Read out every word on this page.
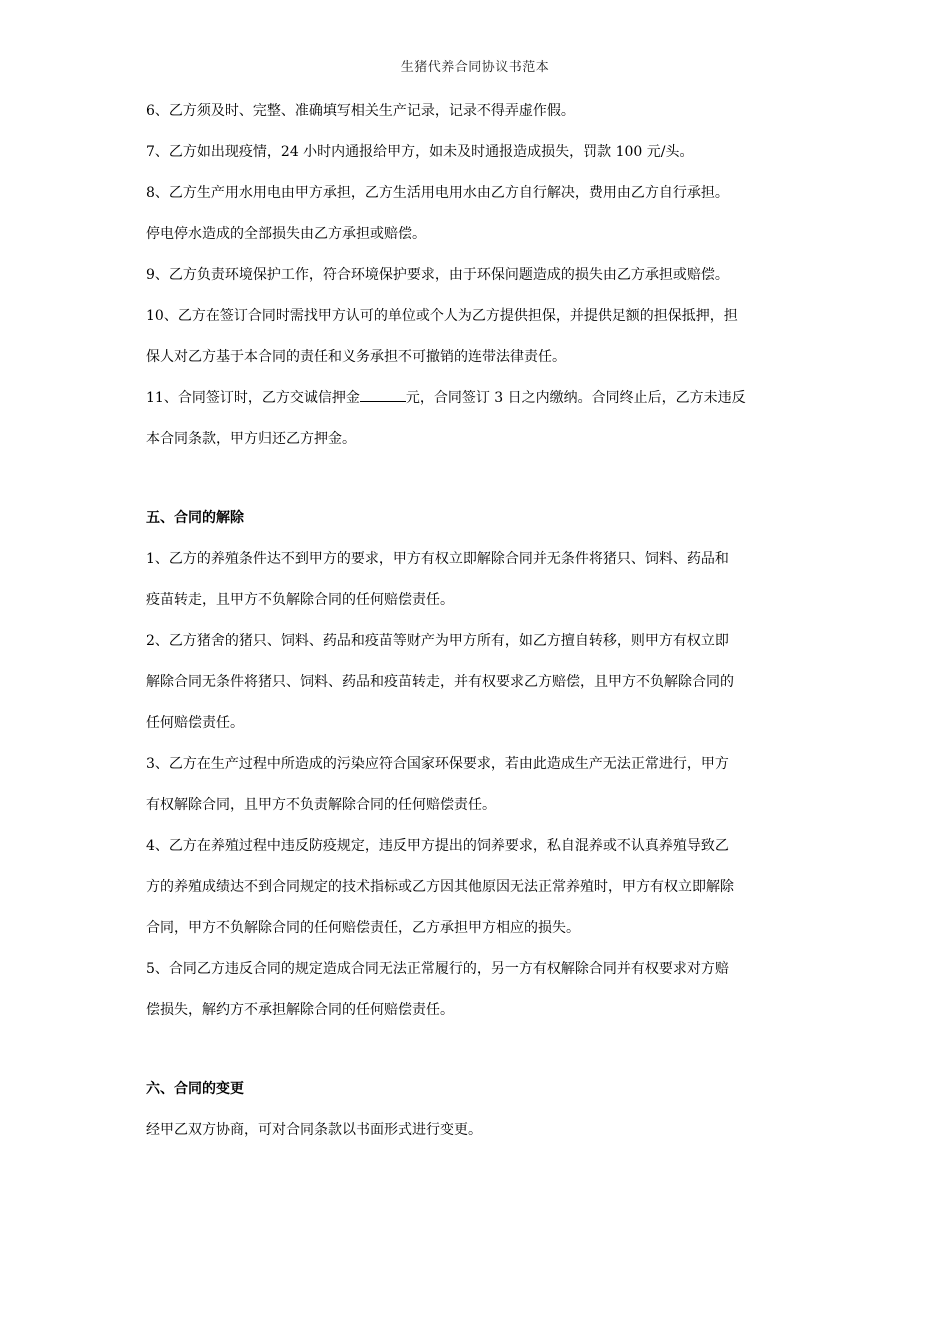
生猪代养合同协议书范本
6、乙方须及时、完整、准确填写相关生产记录，记录不得弄虚作假。
7、乙方如出现疫情，24 小时内通报给甲方，如未及时通报造成损失，罚款 100 元/头。
8、乙方生产用水用电由甲方承担，乙方生活用电用水由乙方自行解决，费用由乙方自行承担。
停电停水造成的全部损失由乙方承担或赔偿。
9、乙方负责环境保护工作，符合环境保护要求，由于环保问题造成的损失由乙方承担或赔偿。
10、乙方在签订合同时需找甲方认可的单位或个人为乙方提供担保，并提供足额的担保抵押，担
保人对乙方基于本合同的责任和义务承担不可撤销的连带法律责任。
11、合同签订时，乙方交诚信押金	元，合同签订 3 日之内缴纳。合同终止后，乙方未违反
本合同条款，甲方归还乙方押金。
五、合同的解除
1、乙方的养殖条件达不到甲方的要求，甲方有权立即解除合同并无条件将猪只、饲料、药品和
疫苗转走，且甲方不负解除合同的任何赔偿责任。
2、乙方猪舍的猪只、饲料、药品和疫苗等财产为甲方所有，如乙方擅自转移，则甲方有权立即
解除合同无条件将猪只、饲料、药品和疫苗转走，并有权要求乙方赔偿，且甲方不负解除合同的
任何赔偿责任。
3、乙方在生产过程中所造成的污染应符合国家环保要求，若由此造成生产无法正常进行，甲方
有权解除合同，且甲方不负责解除合同的任何赔偿责任。
4、乙方在养殖过程中违反防疫规定，违反甲方提出的饲养要求，私自混养或不认真养殖导致乙
方的养殖成绩达不到合同规定的技术指标或乙方因其他原因无法正常养殖时，甲方有权立即解除
合同，甲方不负解除合同的任何赔偿责任，乙方承担甲方相应的损失。
5、合同乙方违反合同的规定造成合同无法正常履行的，另一方有权解除合同并有权要求对方赔
偿损失，解约方不承担解除合同的任何赔偿责任。
六、合同的变更
经甲乙双方协商，可对合同条款以书面形式进行变更。
